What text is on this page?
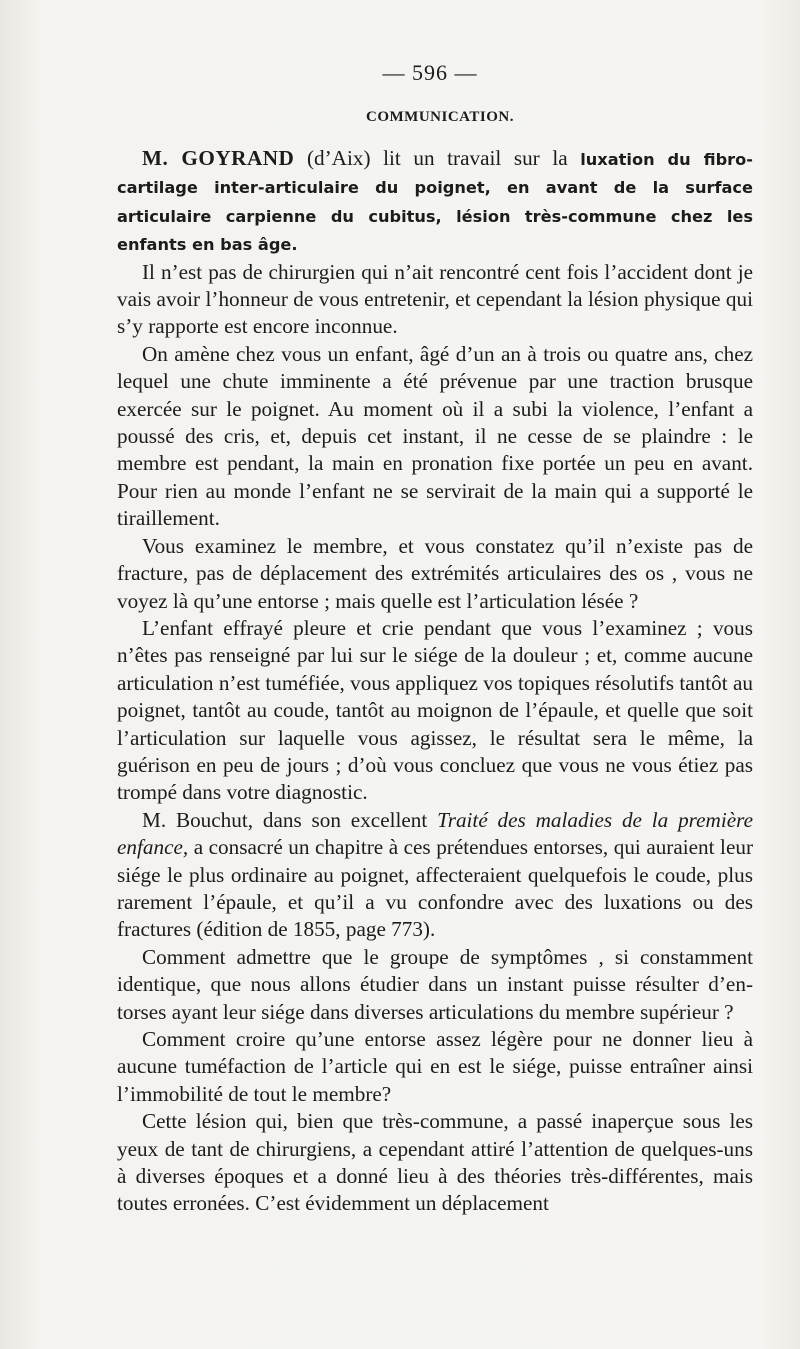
— 596 —
COMMUNICATION.

M. GOYRAND (d’Aix) lit un travail sur la luxation du fibro-cartilage inter-articulaire du poignet, en avant de la surface articulaire carpienne du cubitus, lésion très-commune chez les enfants en bas âge.

Il n’est pas de chirurgien qui n’ait rencontré cent fois l’accident dont je vais avoir l’honneur de vous entretenir, et cependant la lésion physique qui s’y rapporte est encore inconnue.

On amène chez vous un enfant, âgé d’un an à trois ou quatre ans, chez lequel une chute imminente a été prévenue par une traction brusque exercée sur le poignet. Au moment où il a subi la violence, l’enfant a poussé des cris, et, depuis cet instant, il ne cesse de se plaindre : le membre est pendant, la main en pronation fixe portée un peu en avant. Pour rien au monde l’enfant ne se servirait de la main qui a supporté le tiraillement.

Vous examinez le membre, et vous constatez qu’il n’existe pas de fracture, pas de déplacement des extrémités articulaires des os , vous ne voyez là qu’une entorse ; mais quelle est l’articulation lésée ?

L’enfant effrayé pleure et crie pendant que vous l’examinez ; vous n’êtes pas renseigné par lui sur le siége de la douleur ; et, comme aucune articulation n’est tuméfiée, vous appliquez vos topiques résolutifs tantôt au poignet, tantôt au coude, tantôt au moignon de l’épaule, et quelle que soit l’articulation sur laquelle vous agissez, le résultat sera le même, la guérison en peu de jours ; d’où vous concluez que vous ne vous étiez pas trompé dans votre diagnostic.

M. Bouchut, dans son excellent Traité des maladies de la première enfance, a consacré un chapitre à ces prétendues entorses, qui auraient leur siége le plus ordinaire au poignet, affecteraient quelquefois le coude, plus rarement l’épaule, et qu’il a vu confondre avec des luxations ou des fractures (édition de 1855, page 773).

Comment admettre que le groupe de symptômes , si constamment identique, que nous allons étudier dans un instant puisse résulter d’entorses ayant leur siége dans diverses articulations du membre supérieur ?

Comment croire qu’une entorse assez légère pour ne donner lieu à aucune tuméfaction de l’article qui en est le siége, puisse entraîner ainsi l’immobilité de tout le membre?

Cette lésion qui, bien que très-commune, a passé inaperçue sous les yeux de tant de chirurgiens, a cependant attiré l’attention de quelques-uns à diverses époques et a donné lieu à des théories très-différentes, mais toutes erronées. C’est évidemment un déplacement
